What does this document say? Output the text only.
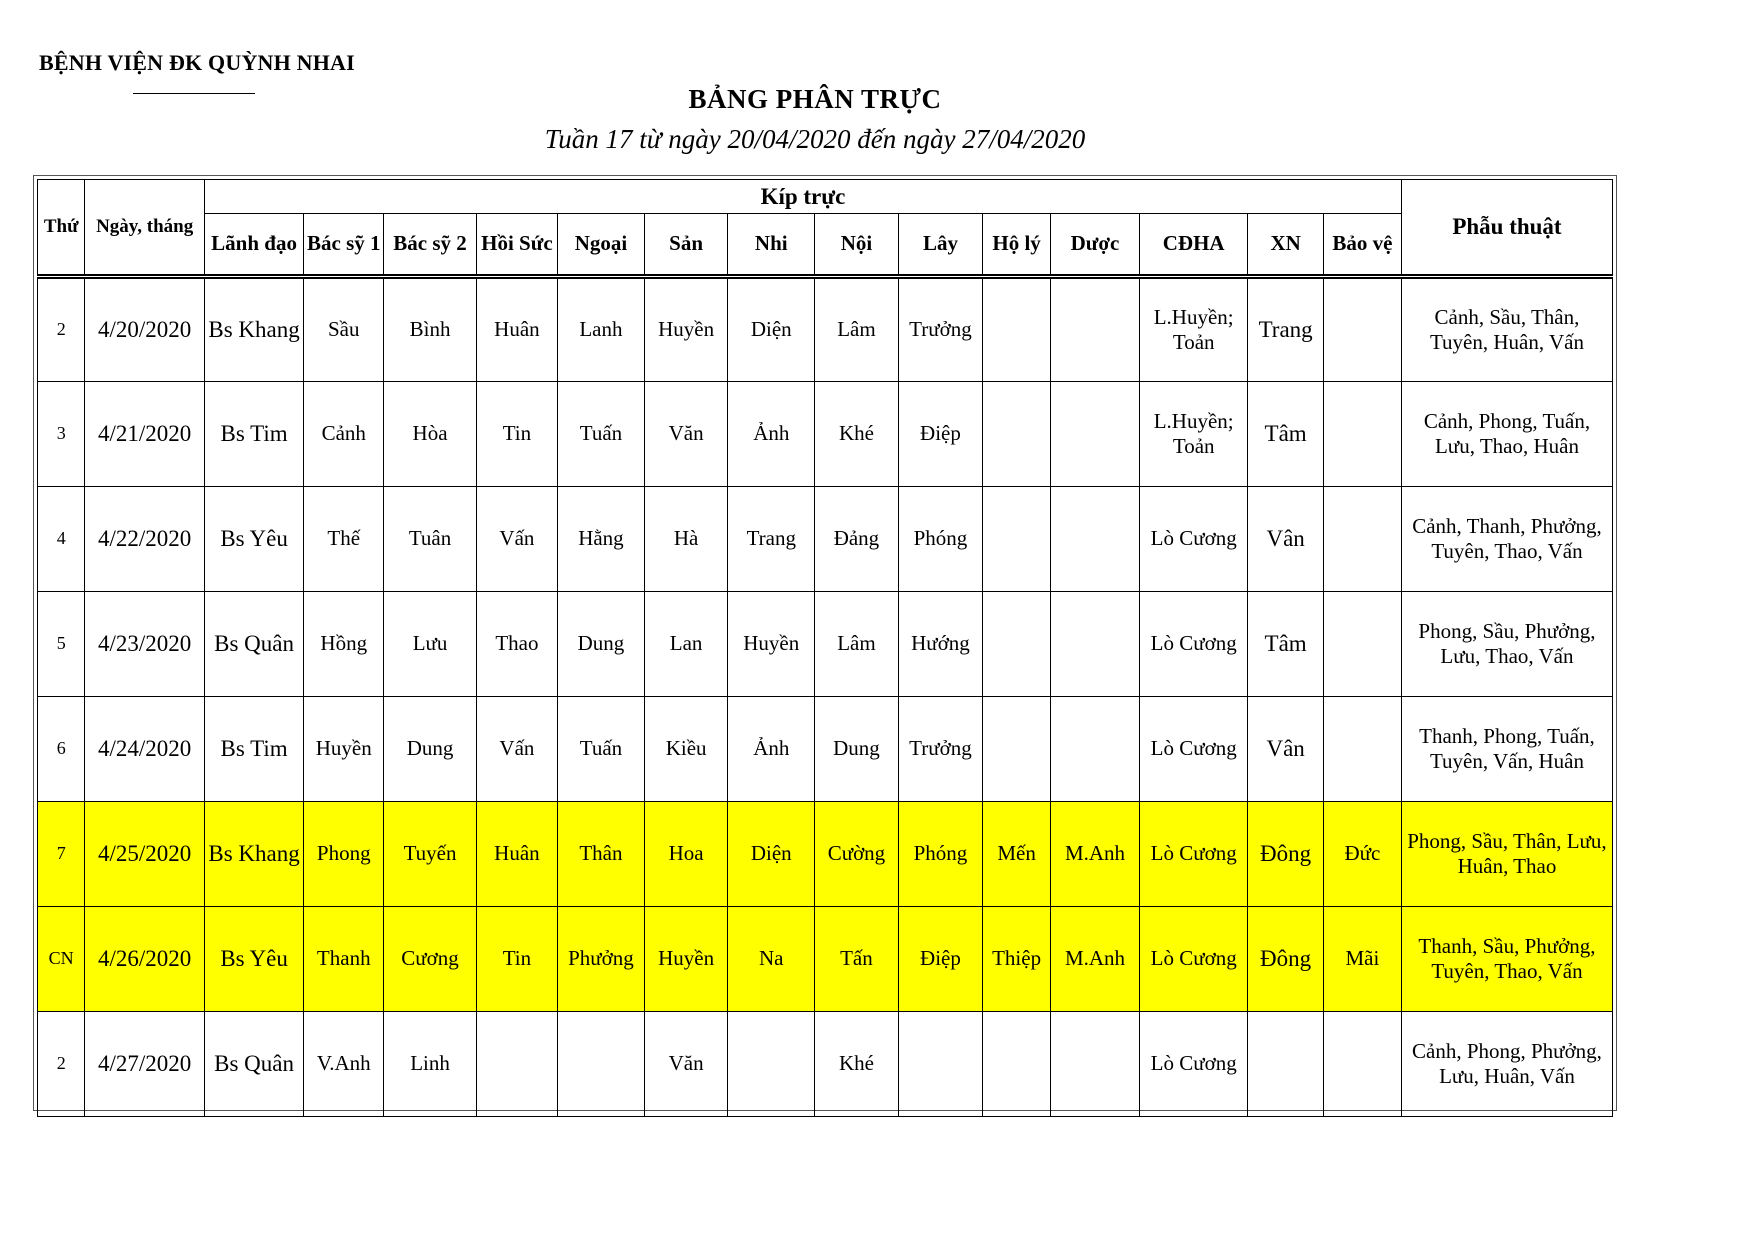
BỆNH VIỆN ĐK QUỲNH NHAI
BẢNG PHÂN TRỰC
Tuần 17 từ ngày 20/04/2020 đến ngày 27/04/2020
Thứ	Ngày, tháng	Kíp trực														Phẫu thuật
		Lãnh đạo	Bác sỹ 1	Bác sỹ 2	Hồi Sức	Ngoại	Sản	Nhi	Nội	Lây	Hộ lý	Dược	CĐHA	XN	Bảo vệ	
2	4/20/2020	Bs Khang	Sầu	Bình	Huân	Lanh	Huyền	Diện	Lâm	Trưởng			L.Huyền; Toản	Trang		Cảnh, Sầu, Thân, Tuyên, Huân, Vấn
3	4/21/2020	Bs Tim	Cảnh	Hòa	Tin	Tuấn	Văn	Ảnh	Khé	Điệp			L.Huyền; Toản	Tâm		Cảnh, Phong, Tuấn, Lưu, Thao, Huân
4	4/22/2020	Bs Yêu	Thế	Tuân	Vấn	Hằng	Hà	Trang	Đảng	Phóng			Lò Cương	Vân		Cảnh, Thanh, Phưởng, Tuyên, Thao, Vấn
5	4/23/2020	Bs Quân	Hồng	Lưu	Thao	Dung	Lan	Huyền	Lâm	Hướng			Lò Cương	Tâm		Phong, Sầu, Phưởng, Lưu, Thao, Vấn
6	4/24/2020	Bs Tim	Huyền	Dung	Vấn	Tuấn	Kiều	Ảnh	Dung	Trưởng			Lò Cương	Vân		Thanh, Phong, Tuấn, Tuyên, Vấn, Huân
7	4/25/2020	Bs Khang	Phong	Tuyến	Huân	Thân	Hoa	Diện	Cường	Phóng	Mến	M.Anh	Lò Cương	Đông	Đức	Phong, Sầu, Thân, Lưu, Huân, Thao
CN	4/26/2020	Bs Yêu	Thanh	Cương	Tin	Phưởng	Huyền	Na	Tấn	Điệp	Thiệp	M.Anh	Lò Cương	Đông	Mãi	Thanh, Sầu, Phưởng, Tuyên, Thao, Vấn
2	4/27/2020	Bs Quân	V.Anh	Linh			Văn		Khé				Lò Cương			Cảnh, Phong, Phưởng, Lưu, Huân, Vấn
